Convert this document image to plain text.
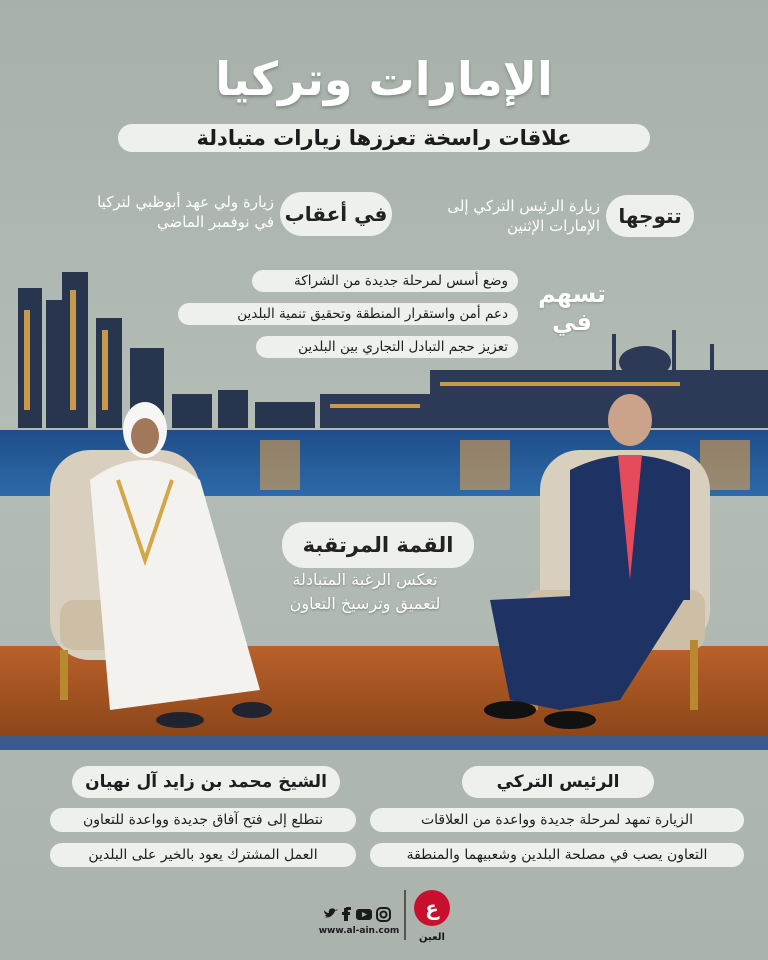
الإمارات وتركيا
علاقات راسخة تعززها زيارات متبادلة
تتوجها
زيارة الرئيس التركي إلى
الإمارات الإثنين
في أعقاب
زيارة ولي عهد أبوظبي لتركيا
في نوفمبر الماضي
تسهم
في
وضع أسس لمرحلة جديدة من الشراكة
دعم أمن واستقرار المنطقة وتحقيق تنمية البلدين
تعزيز حجم التبادل التجاري بين البلدين
القمة المرتقبة
تعكس الرغبة المتبادلة
لتعميق وترسيخ التعاون
الشيخ محمد بن زايد آل نهيان	الرئيس التركي
نتطلع إلى فتح آفاق جديدة وواعدة للتعاون
العمل المشترك يعود بالخير على البلدين
الزيارة تمهد لمرحلة جديدة وواعدة من العلاقات
التعاون يصب في مصلحة البلدين وشعبيهما والمنطقة
www.al-ain.com
ع
العين
